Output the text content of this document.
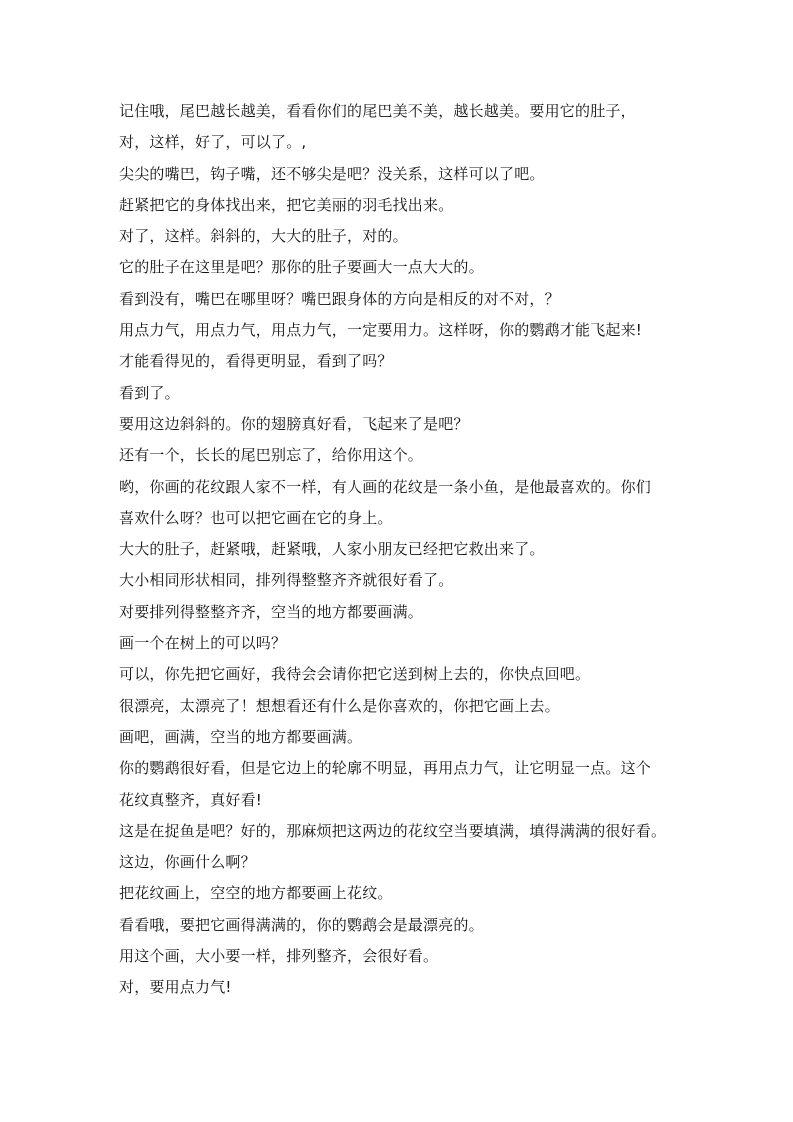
记住哦，尾巴越长越美，看看你们的尾巴美不美，越长越美。要用它的肚子，

对，这样，好了，可以了。,

尖尖的嘴巴，钩子嘴，还不够尖是吧？没关系，这样可以了吧。

赶紧把它的身体找出来，把它美丽的羽毛找出来。

对了，这样。斜斜的，大大的肚子，对的。

它的肚子在这里是吧？那你的肚子要画大一点大大的。

看到没有，嘴巴在哪里呀？嘴巴跟身体的方向是相反的对不对，？

用点力气，用点力气，用点力气，一定要用力。这样呀，你的鹦鹉才能飞起来!

才能看得见的，看得更明显，看到了吗？

看到了。

要用这边斜斜的。你的翅膀真好看，飞起来了是吧？

还有一个，长长的尾巴别忘了，给你用这个。

哟，你画的花纹跟人家不一样，有人画的花纹是一条小鱼，是他最喜欢的。你们

喜欢什么呀？也可以把它画在它的身上。

大大的肚子，赶紧哦，赶紧哦，人家小朋友已经把它救出来了。

大小相同形状相同，排列得整整齐齐就很好看了。

对要排列得整整齐齐，空当的地方都要画满。

画一个在树上的可以吗？

可以，你先把它画好，我待会会请你把它送到树上去的，你快点回吧。

很漂亮，太漂亮了！想想看还有什么是你喜欢的，你把它画上去。

画吧，画满，空当的地方都要画满。

你的鹦鹉很好看，但是它边上的轮廓不明显，再用点力气，让它明显一点。这个

花纹真整齐，真好看!

这是在捉鱼是吧？好的，那麻烦把这两边的花纹空当要填满，填得满满的很好看。

这边，你画什么啊？

把花纹画上，空空的地方都要画上花纹。

看看哦，要把它画得满满的，你的鹦鹉会是最漂亮的。

用这个画，大小要一样，排列整齐，会很好看。

对，要用点力气!
